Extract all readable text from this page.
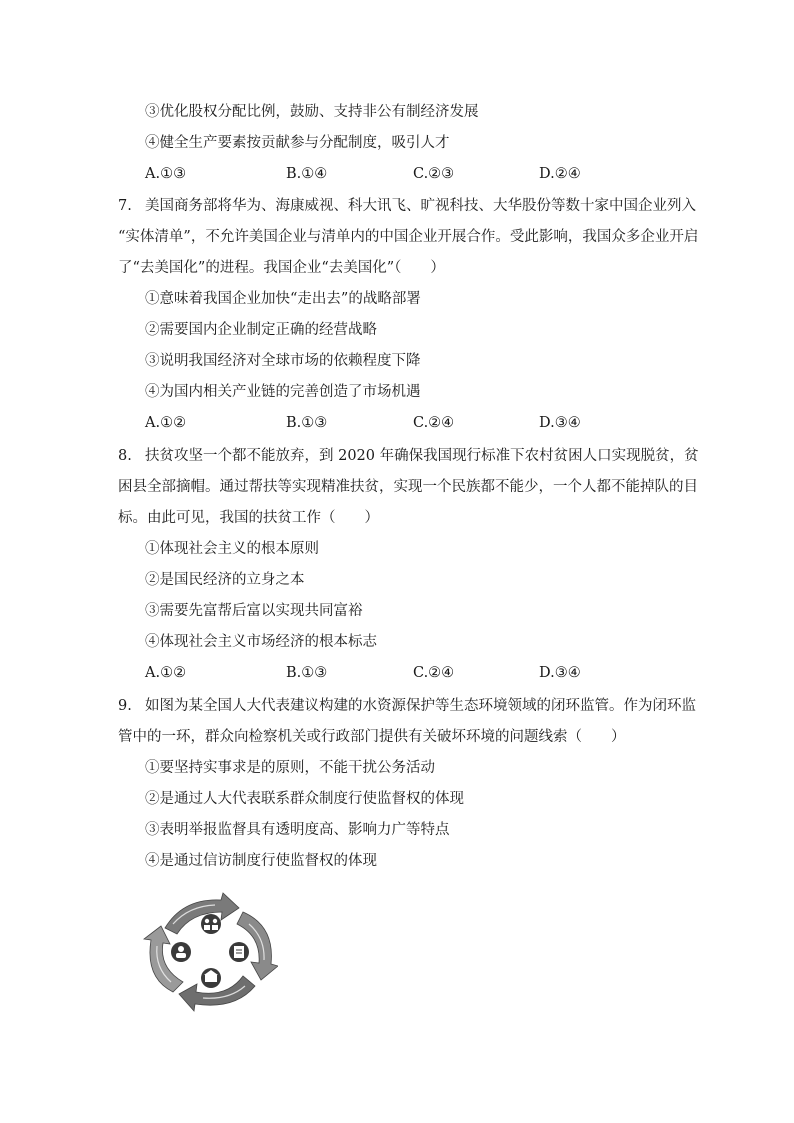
③优化股权分配比例，鼓励、支持非公有制经济发展
④健全生产要素按贡献参与分配制度，吸引人才
A.①③	B.①④	C.②③	D.②④
7. 美国商务部将华为、海康威视、科大讯飞、旷视科技、大华股份等数十家中国企业列入
“实体清单”，不允许美国企业与清单内的中国企业开展合作。受此影响，我国众多企业开启
了“去美国化”的进程。我国企业“去美国化”（　　）
①意味着我国企业加快“走出去”的战略部署
②需要国内企业制定正确的经营战略
③说明我国经济对全球市场的依赖程度下降
④为国内相关产业链的完善创造了市场机遇
A.①②	B.①③	C.②④	D.③④
8. 扶贫攻坚一个都不能放弃，到 2020 年确保我国现行标准下农村贫困人口实现脱贫，贫
困县全部摘帽。通过帮扶等实现精准扶贫，实现一个民族都不能少，一个人都不能掉队的目
标。由此可见，我国的扶贫工作（　　）
①体现社会主义的根本原则
②是国民经济的立身之本
③需要先富帮后富以实现共同富裕
④体现社会主义市场经济的根本标志
A.①②	B.①③	C.②④	D.③④
9. 如图为某全国人大代表建议构建的水资源保护等生态环境领域的闭环监管。作为闭环监
管中的一环，群众向检察机关或行政部门提供有关破坏环境的问题线索（　　）
①要坚持实事求是的原则，不能干扰公务活动
②是通过人大代表联系群众制度行使监督权的体现
③表明举报监督具有透明度高、影响力广等特点
④是通过信访制度行使监督权的体现
